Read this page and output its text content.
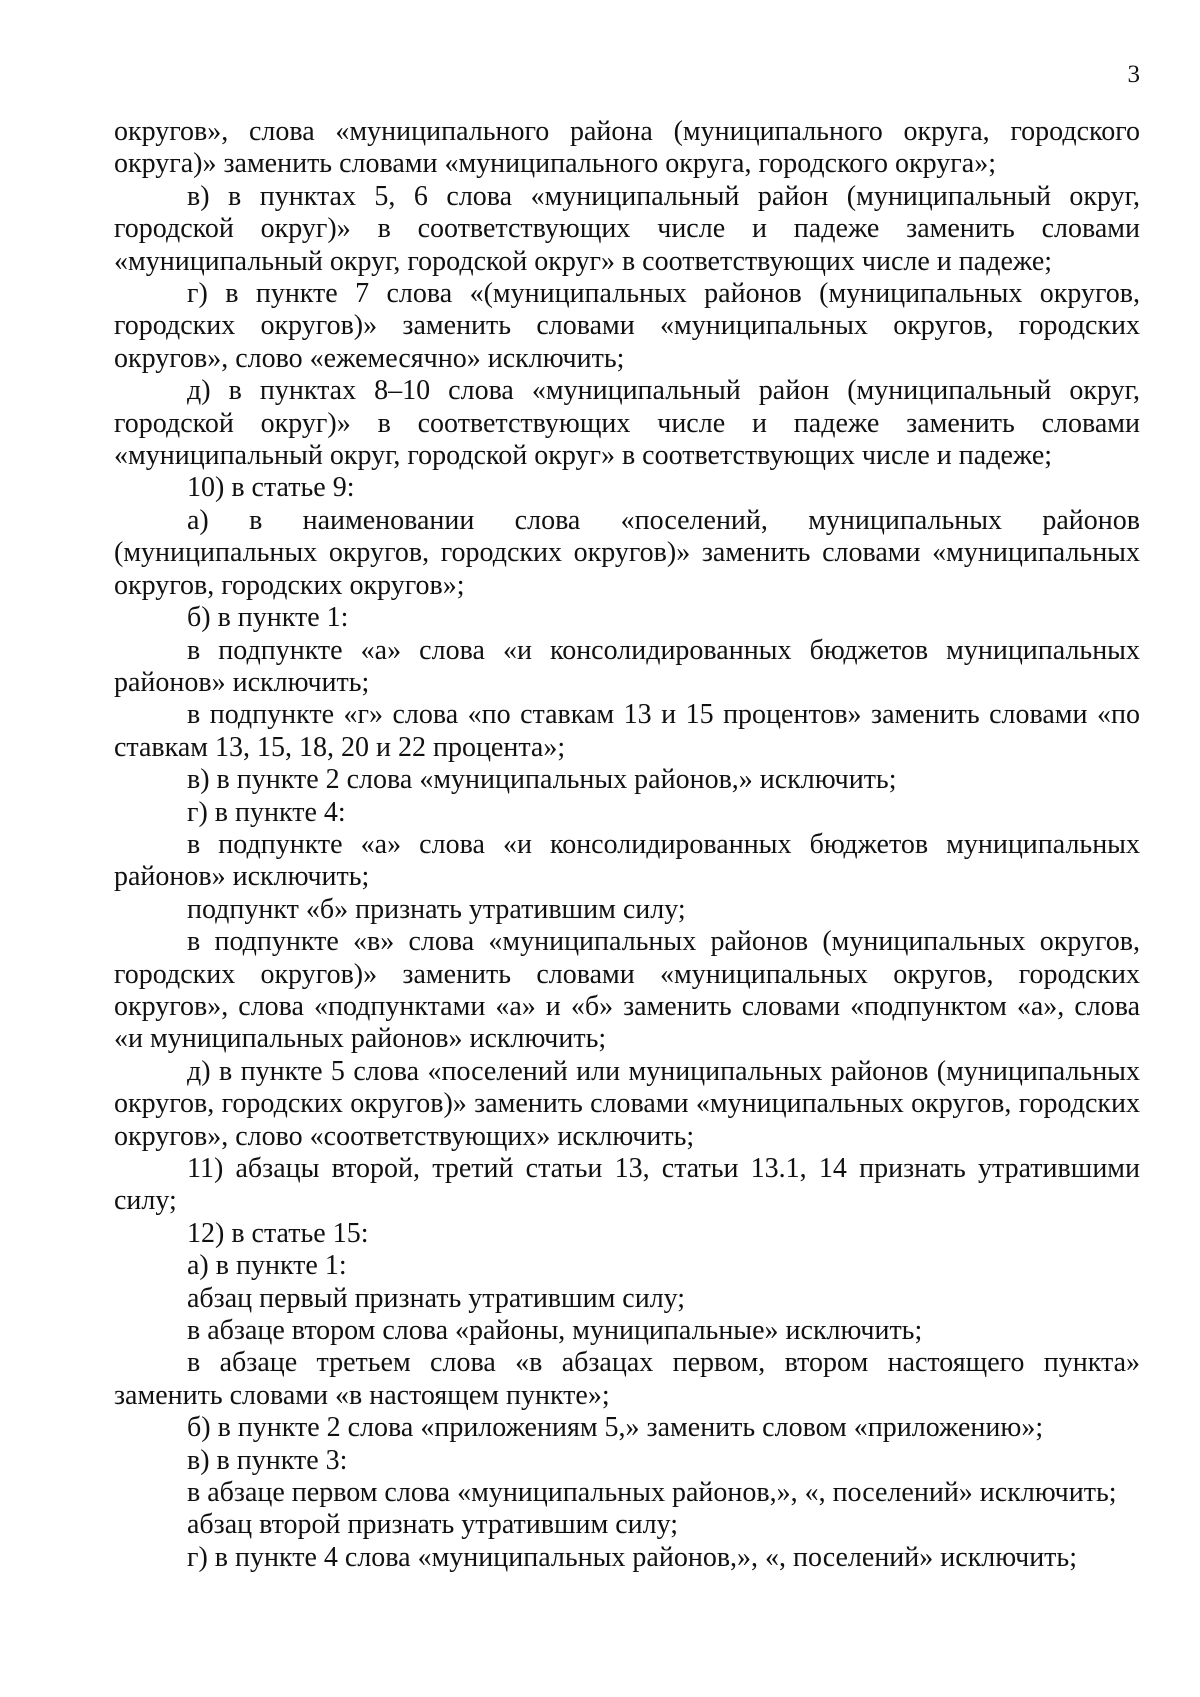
3

округов», слова «муниципального района (муниципального округа, городского округа)» заменить словами «муниципального округа, городского округа»;

в) в пунктах 5, 6 слова «муниципальный район (муниципальный округ, городской округ)» в соответствующих числе и падеже заменить словами «муниципальный округ, городской округ» в соответствующих числе и падеже;

г) в пункте 7 слова «(муниципальных районов (муниципальных округов, городских округов)» заменить словами «муниципальных округов, городских округов», слово «ежемесячно» исключить;

д) в пунктах 8–10 слова «муниципальный район (муниципальный округ, городской округ)» в соответствующих числе и падеже заменить словами «муниципальный округ, городской округ» в соответствующих числе и падеже;

10) в статье 9:

а) в наименовании слова «поселений, муниципальных районов (муниципальных округов, городских округов)» заменить словами «муниципальных округов, городских округов»;

б) в пункте 1:

в подпункте «а» слова «и консолидированных бюджетов муниципальных районов» исключить;

в подпункте «г» слова «по ставкам 13 и 15 процентов» заменить словами «по ставкам 13, 15, 18, 20 и 22 процента»;

в) в пункте 2 слова «муниципальных районов,» исключить;

г) в пункте 4:

в подпункте «а» слова «и консолидированных бюджетов муниципальных районов» исключить;

подпункт «б» признать утратившим силу;

в подпункте «в» слова «муниципальных районов (муниципальных округов, городских округов)» заменить словами «муниципальных округов, городских округов», слова «подпунктами «а» и «б» заменить словами «подпунктом «а», слова «и муниципальных районов» исключить;

д) в пункте 5 слова «поселений или муниципальных районов (муниципальных округов, городских округов)» заменить словами «муниципальных округов, городских округов», слово «соответствующих» исключить;

11) абзацы второй, третий статьи 13, статьи 13.1, 14 признать утратившими силу;

12) в статье 15:

а) в пункте 1:

абзац первый признать утратившим силу;

в абзаце втором слова «районы, муниципальные» исключить;

в абзаце третьем слова «в абзацах первом, втором настоящего пункта» заменить словами «в настоящем пункте»;

б) в пункте 2 слова «приложениям 5,» заменить словом «приложению»;

в) в пункте 3:

в абзаце первом слова «муниципальных районов,», «, поселений» исключить;

абзац второй признать утратившим силу;

г) в пункте 4 слова «муниципальных районов,», «, поселений» исключить;
